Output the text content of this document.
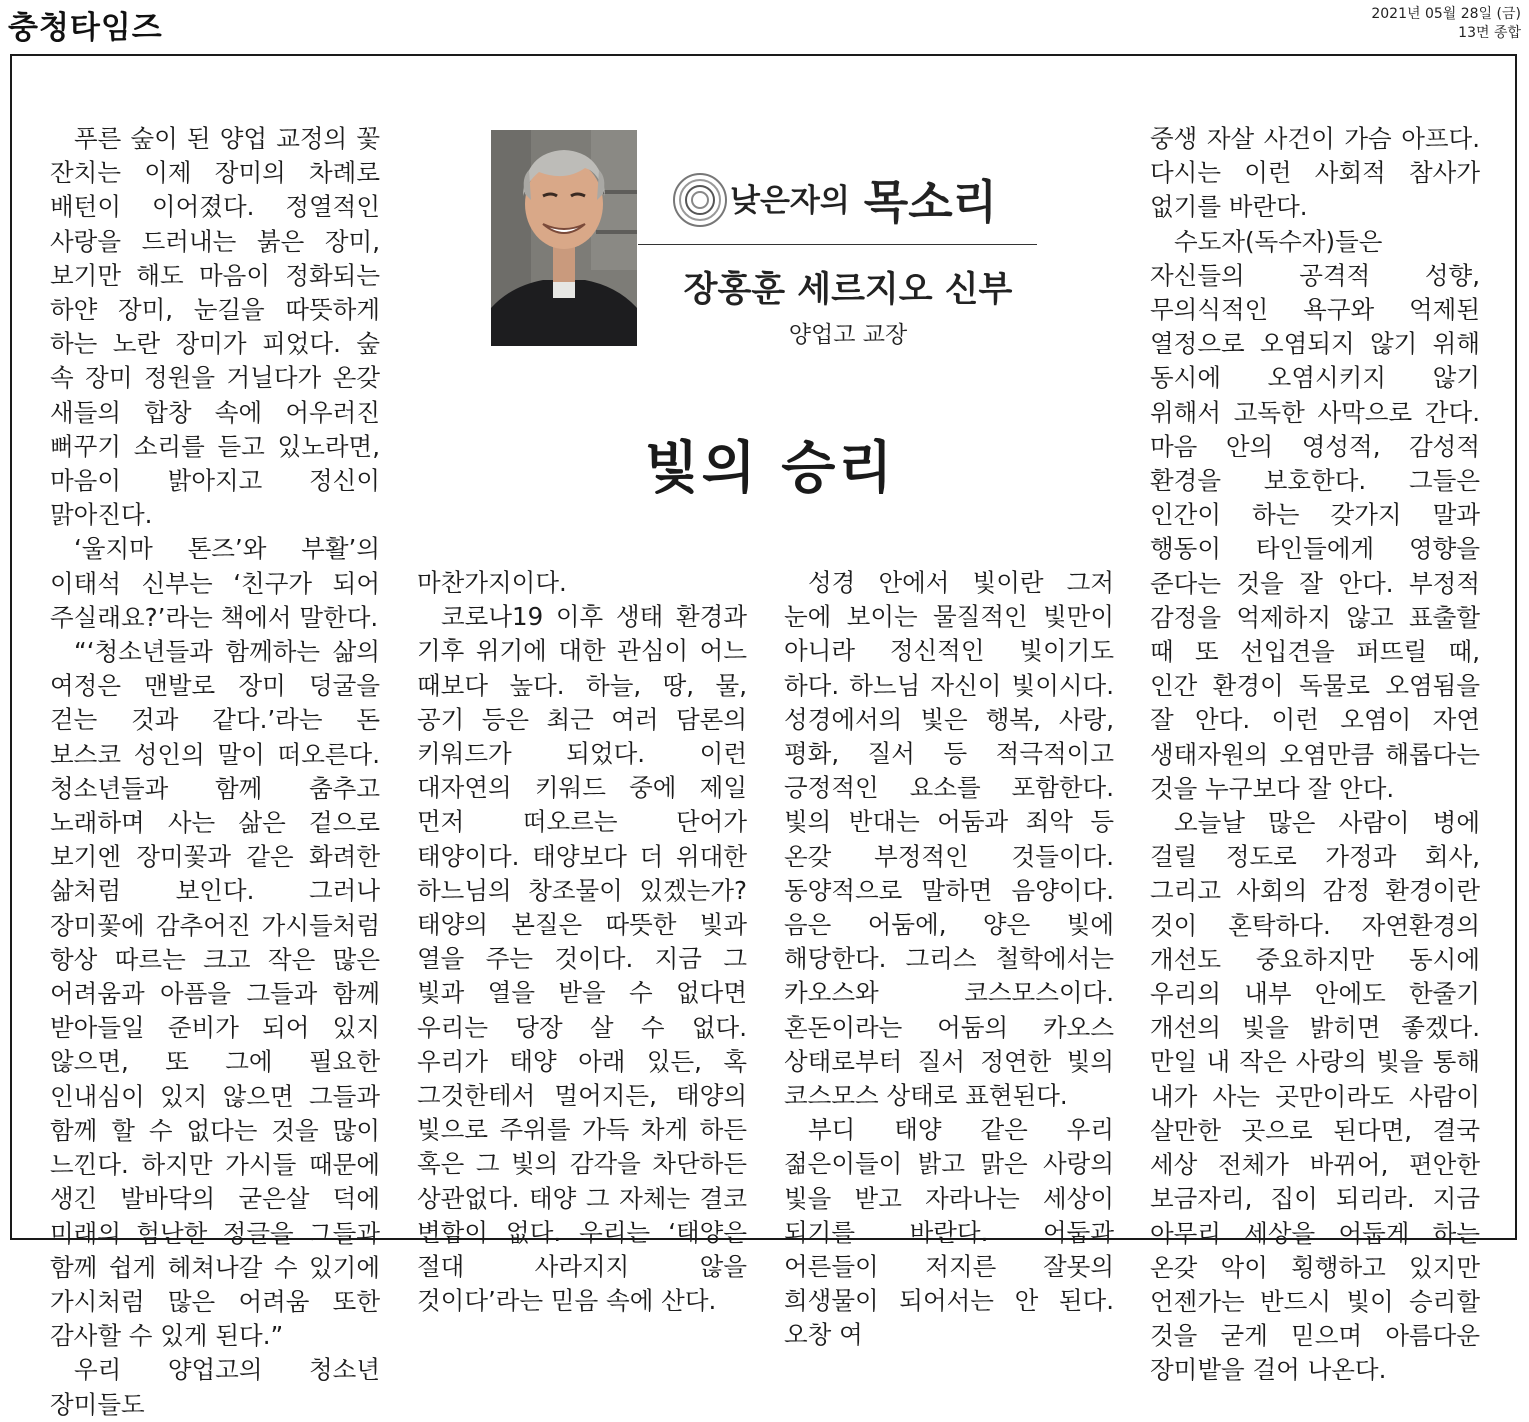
충청타임즈	2021년 05월 28일 (금)
13면 종합
낮은자의 목소리
장홍훈 세르지오 신부
양업고 교장
빛의 승리

푸른 숲이 된 양업 교정의 꽃 잔치는 이제 장미의 차례로 배턴이 이어졌다. 정열적인 사랑을 드러내는 붉은 장미, 보기만 해도 마음이 정화되는 하얀 장미, 눈길을 따뜻하게 하는 노란 장미가 피었다. 숲 속 장미 정원을 거닐다가 온갖 새들의 합창 속에 어우러진 뻐꾸기 소리를 듣고 있노라면, 마음이 밝아지고 정신이 맑아진다.

‘울지마 톤즈’와 부활’의 이태석 신부는 ‘친구가 되어 주실래요?’라는 책에서 말한다.

“‘청소년들과 함께하는 삶의 여정은 맨발로 장미 덩굴을 걷는 것과 같다.’라는 돈 보스코 성인의 말이 떠오른다. 청소년들과 함께 춤추고 노래하며 사는 삶은 겉으로 보기엔 장미꽃과 같은 화려한 삶처럼 보인다. 그러나 장미꽃에 감추어진 가시들처럼 항상 따르는 크고 작은 많은 어려움과 아픔을 그들과 함께 받아들일 준비가 되어 있지 않으면, 또 그에 필요한 인내심이 있지 않으면 그들과 함께 할 수 없다는 것을 많이 느낀다. 하지만 가시들 때문에 생긴 발바닥의 굳은살 덕에 미래의 험난한 정글을 그들과 함께 쉽게 헤쳐나갈 수 있기에 가시처럼 많은 어려움 또한 감사할 수 있게 된다.”

우리 양업고의 청소년 장미들도

마찬가지이다.

코로나19 이후 생태 환경과 기후 위기에 대한 관심이 어느 때보다 높다. 하늘, 땅, 물, 공기 등은 최근 여러 담론의 키워드가 되었다. 이런 대자연의 키워드 중에 제일 먼저 떠오르는 단어가 태양이다. 태양보다 더 위대한 하느님의 창조물이 있겠는가? 태양의 본질은 따뜻한 빛과 열을 주는 것이다. 지금 그 빛과 열을 받을 수 없다면 우리는 당장 살 수 없다. 우리가 태양 아래 있든, 혹 그것한테서 멀어지든, 태양의 빛으로 주위를 가득 차게 하든 혹은 그 빛의 감각을 차단하든 상관없다. 태양 그 자체는 결코 변함이 없다. 우리는 ‘태양은 절대 사라지지 않을 것이다’라는 믿음 속에 산다.

성경 안에서 빛이란 그저 눈에 보이는 물질적인 빛만이 아니라 정신적인 빛이기도 하다. 하느님 자신이 빛이시다. 성경에서의 빛은 행복, 사랑, 평화, 질서 등 적극적이고 긍정적인 요소를 포함한다. 빛의 반대는 어둠과 죄악 등 온갖 부정적인 것들이다. 동양적으로 말하면 음양이다. 음은 어둠에, 양은 빛에 해당한다. 그리스 철학에서는 카오스와 코스모스이다. 혼돈이라는 어둠의 카오스 상태로부터 질서 정연한 빛의 코스모스 상태로 표현된다.

부디 태양 같은 우리 젊은이들이 밝고 맑은 사랑의 빛을 받고 자라나는 세상이 되기를 바란다. 어둠과 어른들이 저지른 잘못의 희생물이 되어서는 안 된다. 오창 여

중생 자살 사건이 가슴 아프다. 다시는 이런 사회적 참사가 없기를 바란다.

수도자(독수자)들은 자신들의 공격적 성향, 무의식적인 욕구와 억제된 열정으로 오염되지 않기 위해 동시에 오염시키지 않기 위해서 고독한 사막으로 간다. 마음 안의 영성적, 감성적 환경을 보호한다. 그들은 인간이 하는 갖가지 말과 행동이 타인들에게 영향을 준다는 것을 잘 안다. 부정적 감정을 억제하지 않고 표출할 때 또 선입견을 퍼뜨릴 때, 인간 환경이 독물로 오염됨을 잘 안다. 이런 오염이 자연 생태자원의 오염만큼 해롭다는 것을 누구보다 잘 안다.

오늘날 많은 사람이 병에 걸릴 정도로 가정과 회사, 그리고 사회의 감정 환경이란 것이 혼탁하다. 자연환경의 개선도 중요하지만 동시에 우리의 내부 안에도 한줄기 개선의 빛을 밝히면 좋겠다. 만일 내 작은 사랑의 빛을 통해 내가 사는 곳만이라도 사람이 살만한 곳으로 된다면, 결국 세상 전체가 바뀌어, 편안한 보금자리, 집이 되리라. 지금 아무리 세상을 어둡게 하는 온갖 악이 횡행하고 있지만 언젠가는 반드시 빛이 승리할 것을 굳게 믿으며 아름다운 장미밭을 걸어 나온다.
